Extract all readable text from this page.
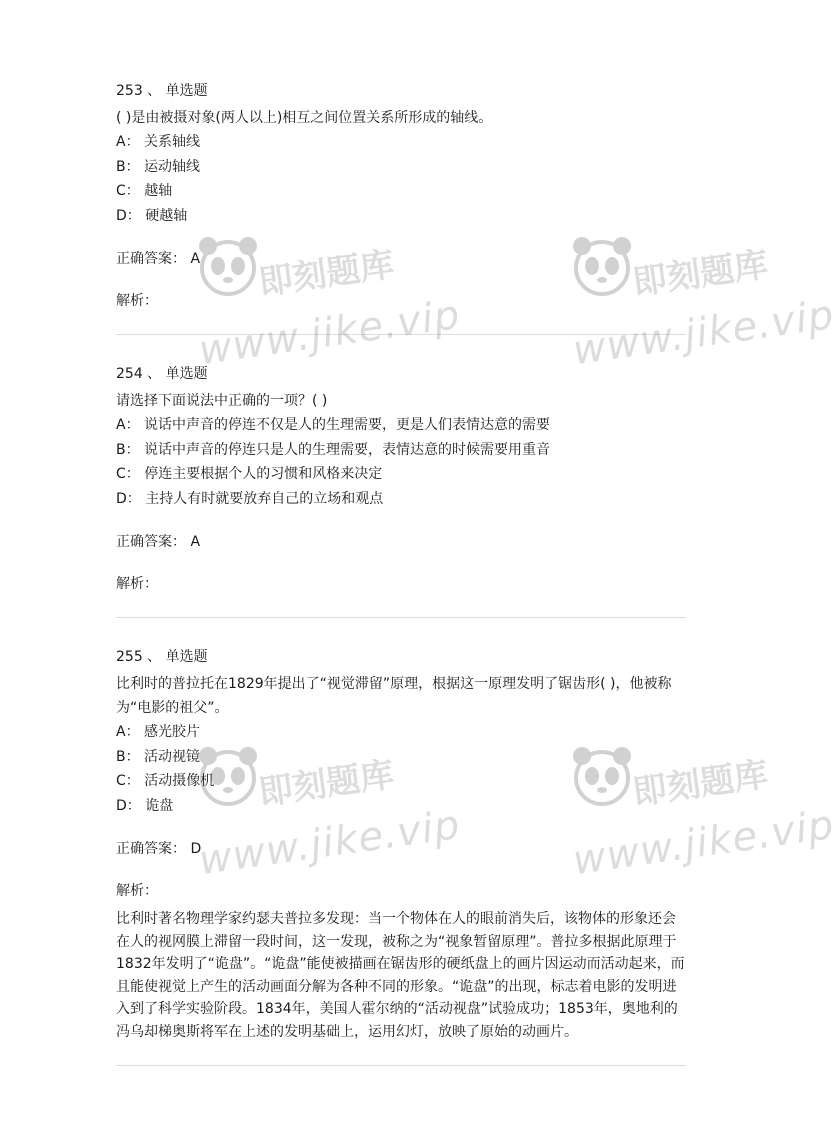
253 、 单选题
( )是由被摄对象(两人以上)相互之间位置关系所形成的轴线。
A： 关系轴线
B： 运动轴线
C： 越轴
D： 硬越轴
正确答案： A
解析：
254 、 单选题
请选择下面说法中正确的一项？( )
A： 说话中声音的停连不仅是人的生理需要，更是人们表情达意的需要
B： 说话中声音的停连只是人的生理需要，表情达意的时候需要用重音
C： 停连主要根据个人的习惯和风格来决定
D： 主持人有时就要放弃自己的立场和观点
正确答案： A
解析：
255 、 单选题
比利时的普拉托在1829年提出了“视觉滞留”原理，根据这一原理发明了锯齿形( )，他被称为“电影的祖父”。
A： 感光胶片
B： 活动视镜
C： 活动摄像机
D： 诡盘
正确答案： D
解析：
比利时著名物理学家约瑟夫普拉多发现：当一个物体在人的眼前消失后，该物体的形象还会在人的视网膜上滞留一段时间，这一发现，被称之为“视象暂留原理”。普拉多根据此原理于1832年发明了“诡盘”。“诡盘”能使被描画在锯齿形的硬纸盘上的画片因运动而活动起来，而且能使视觉上产生的活动画面分解为各种不同的形象。“诡盘”的出现，标志着电影的发明进入到了科学实验阶段。1834年，美国人霍尔纳的“活动视盘”试验成功；1853年，奥地利的冯乌却梯奥斯将军在上述的发明基础上，运用幻灯，放映了原始的动画片。
即刻题库
www.jike.vip
即刻题库
www.jike.vip
即刻题库
www.jike.vip
即刻题库
www.jike.vip
